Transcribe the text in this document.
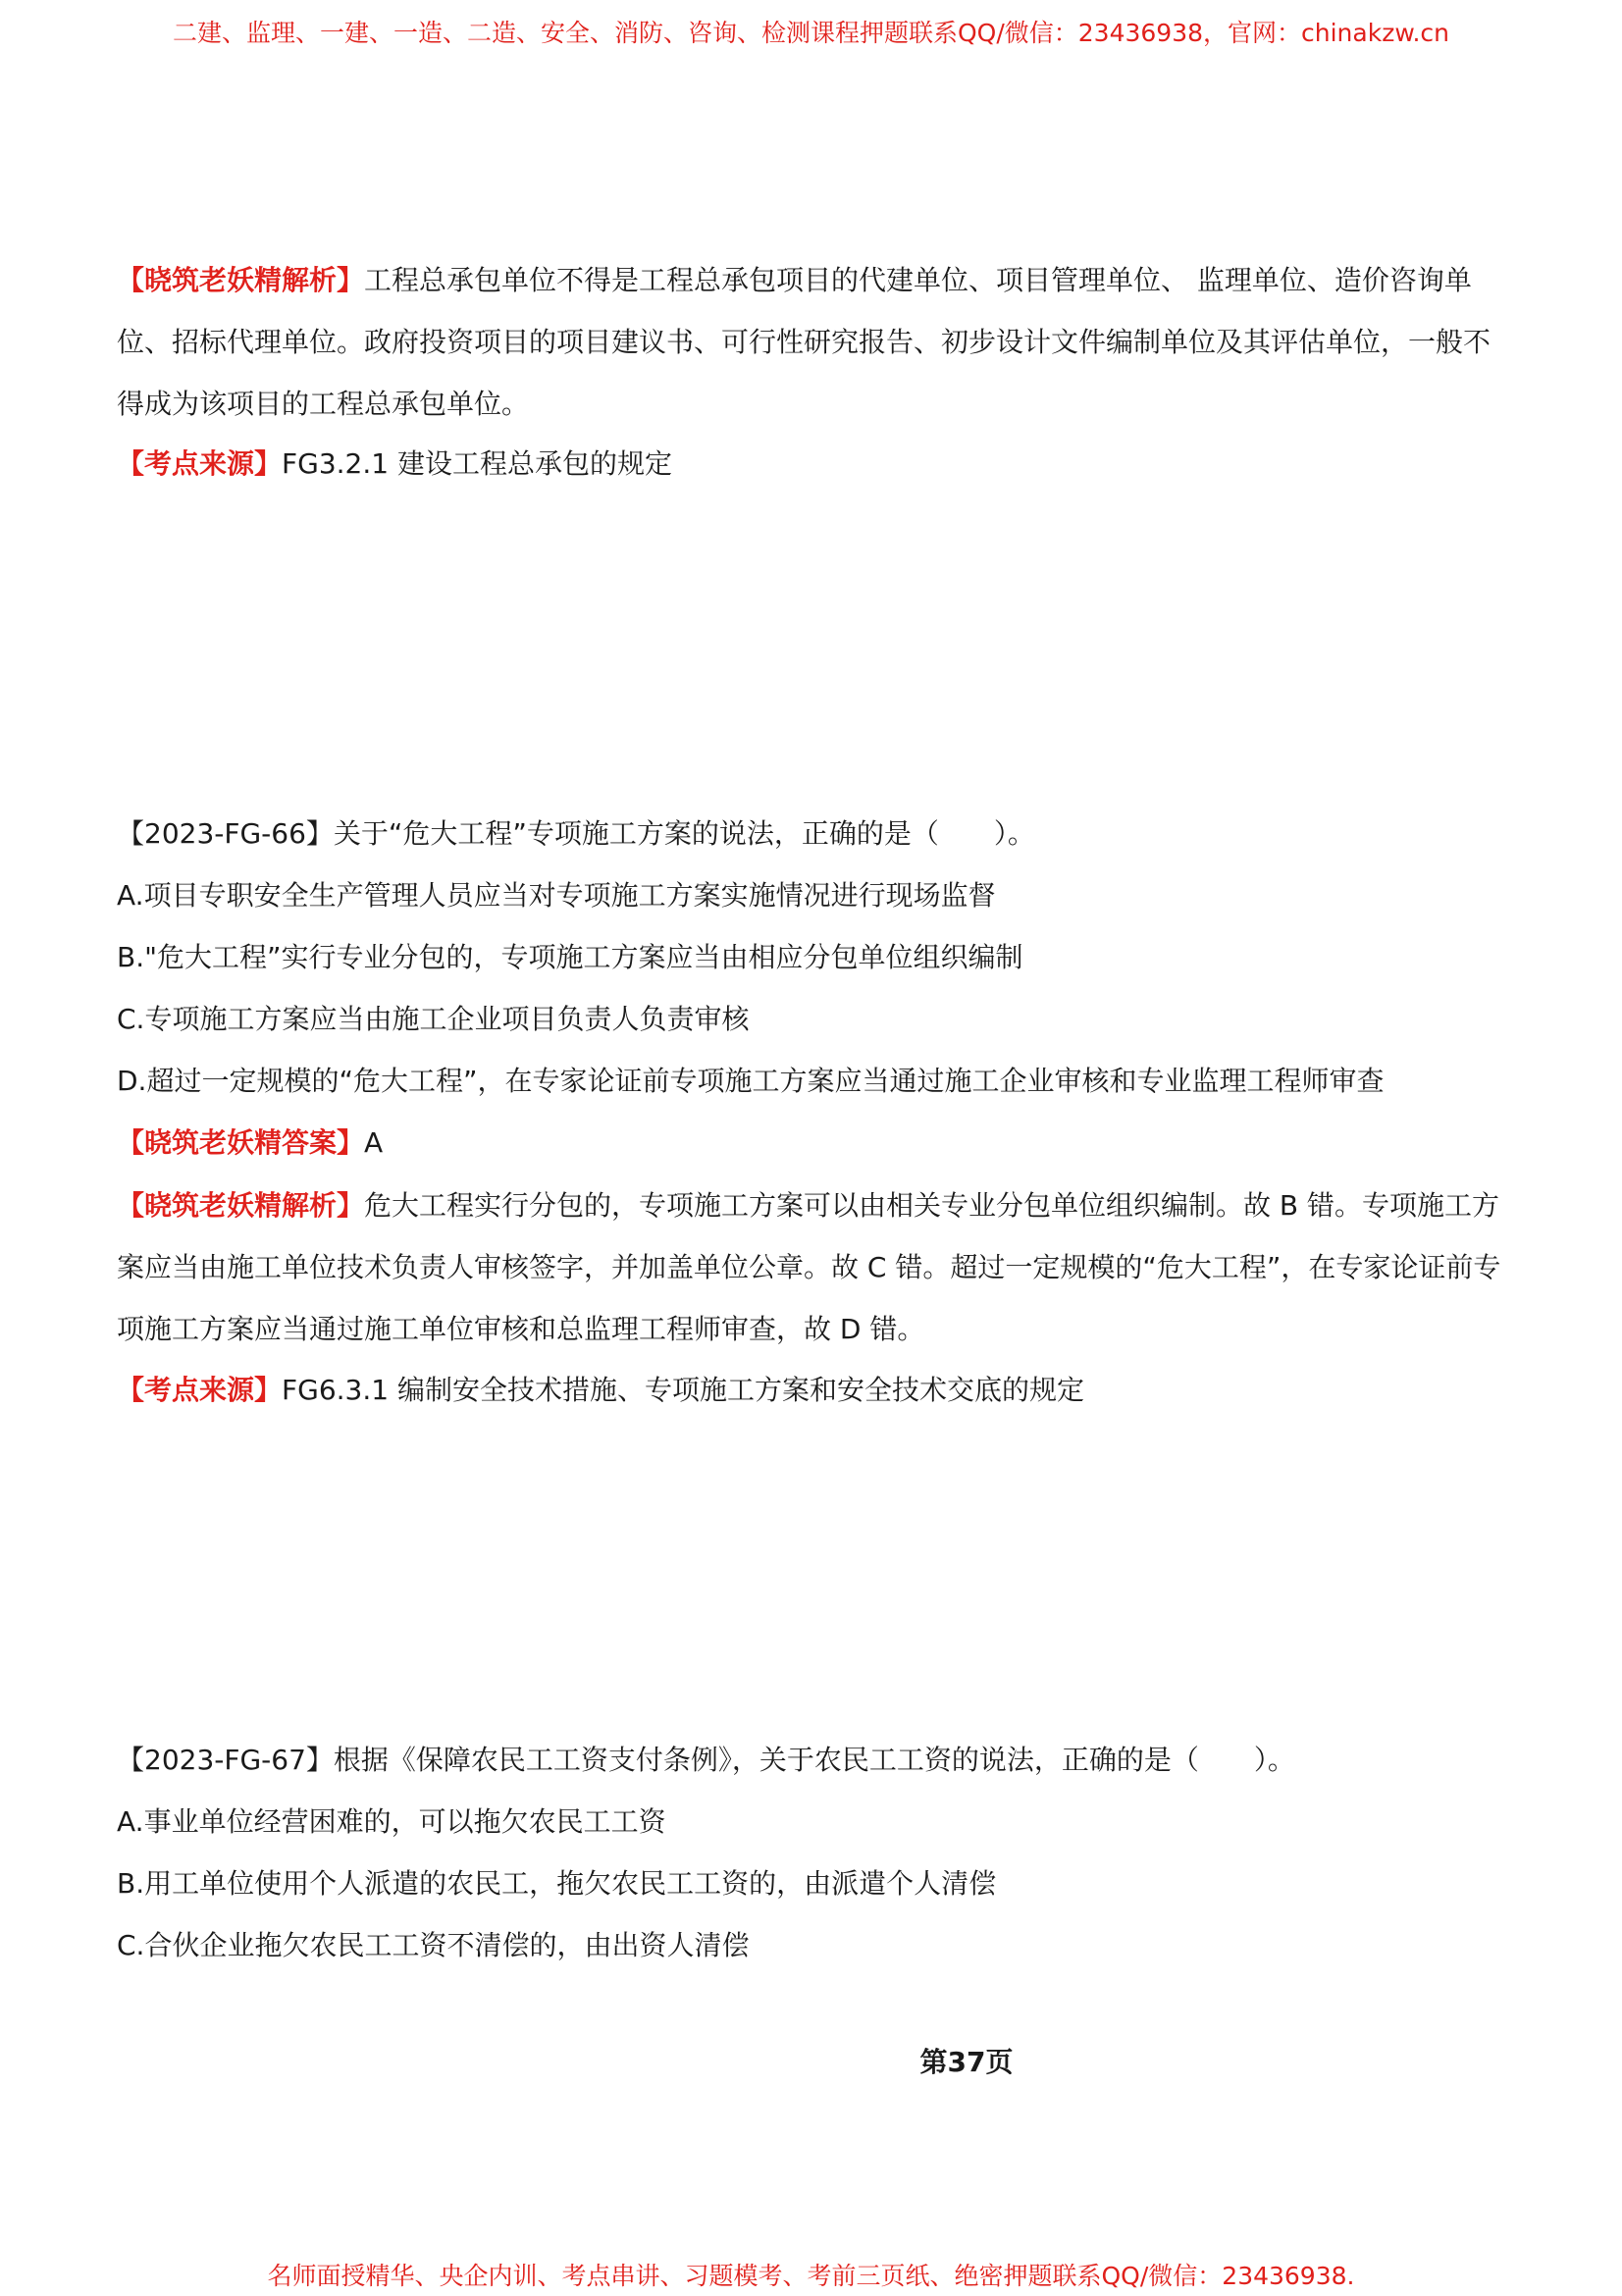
二建、监理、一建、一造、二造、安全、消防、咨询、检测课程押题联系QQ/微信：23436938，官网：chinakzw.cn

【晓筑老妖精解析】工程总承包单位不得是工程总承包项目的代建单位、项目管理单位、 监理单位、造价咨询单位、招标代理单位。政府投资项目的项目建议书、可行性研究报告、初步设计文件编制单位及其评估单位，一般不得成为该项目的工程总承包单位。

【考点来源】FG3.2.1 建设工程总承包的规定

【2023-FG-66】关于“危大工程”专项施工方案的说法，正确的是（　　）。

A.项目专职安全生产管理人员应当对专项施工方案实施情况进行现场监督

B."危大工程”实行专业分包的，专项施工方案应当由相应分包单位组织编制

C.专项施工方案应当由施工企业项目负责人负责审核

D.超过一定规模的“危大工程”，在专家论证前专项施工方案应当通过施工企业审核和专业监理工程师审查

【晓筑老妖精答案】A

【晓筑老妖精解析】危大工程实行分包的，专项施工方案可以由相关专业分包单位组织编制。故 B 错。专项施工方案应当由施工单位技术负责人审核签字，并加盖单位公章。故 C 错。超过一定规模的“危大工程”，在专家论证前专项施工方案应当通过施工单位审核和总监理工程师审查，故 D 错。

【考点来源】FG6.3.1 编制安全技术措施、专项施工方案和安全技术交底的规定

【2023-FG-67】根据《保障农民工工资支付条例》，关于农民工工资的说法，正确的是（　　）。

A.事业单位经营困难的，可以拖欠农民工工资

B.用工单位使用个人派遣的农民工，拖欠农民工工资的，由派遣个人清偿

C.合伙企业拖欠农民工工资不清偿的，由出资人清偿

第37页
名师面授精华、央企内训、考点串讲、习题模考、考前三页纸、绝密押题联系QQ/微信：23436938.
